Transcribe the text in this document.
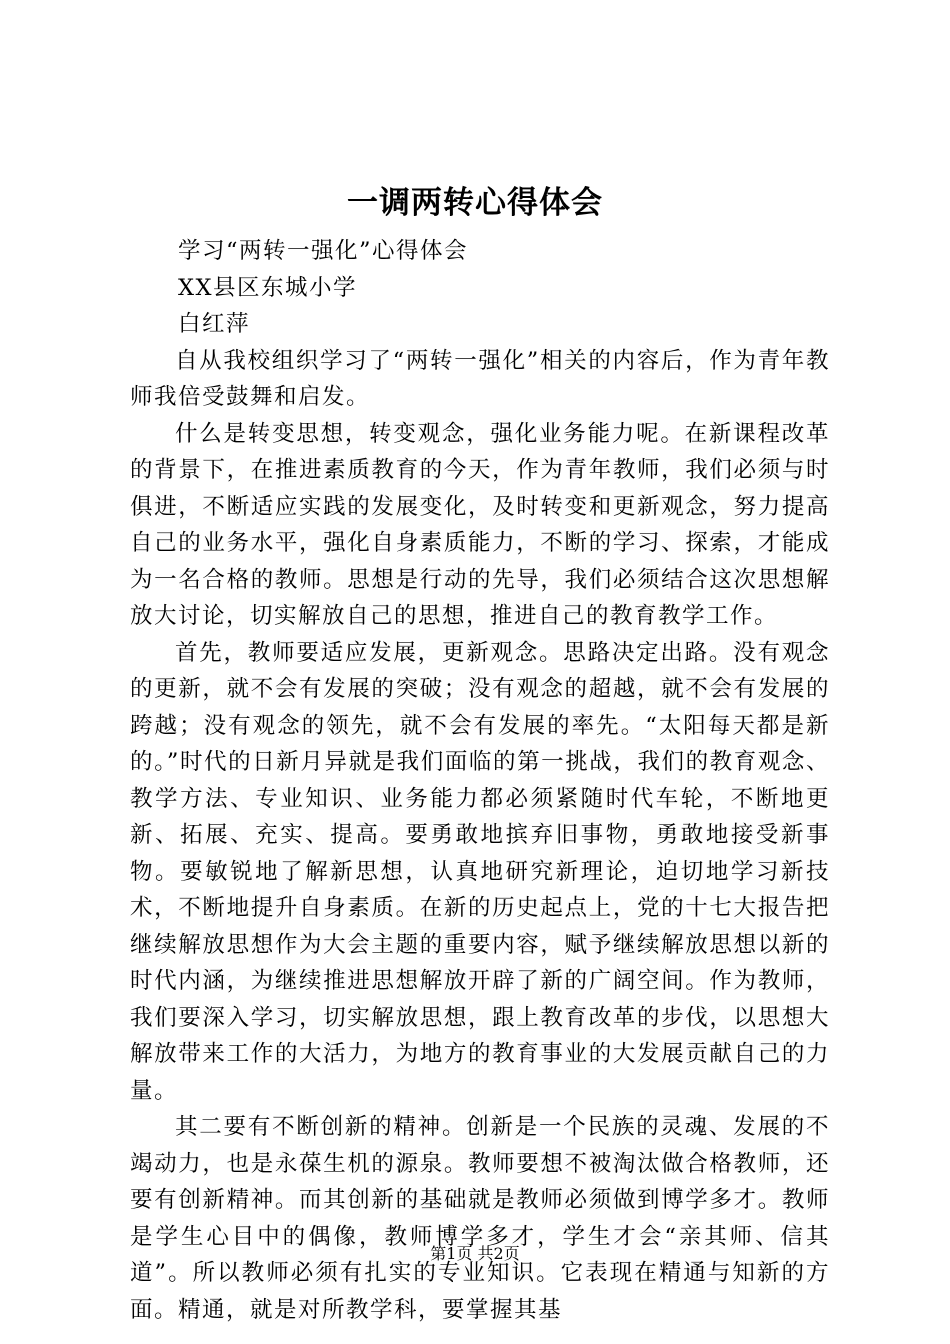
一调两转心得体会

学习“两转一强化”心得体会

XX县区东城小学

白红萍

自从我校组织学习了“两转一强化”相关的内容后，作为青年教师我倍受鼓舞和启发。

什么是转变思想，转变观念，强化业务能力呢。在新课程改革的背景下，在推进素质教育的今天，作为青年教师，我们必须与时俱进，不断适应实践的发展变化，及时转变和更新观念，努力提高自己的业务水平，强化自身素质能力，不断的学习、探索，才能成为一名合格的教师。思想是行动的先导，我们必须结合这次思想解放大讨论，切实解放自己的思想，推进自己的教育教学工作。

首先，教师要适应发展，更新观念。思路决定出路。没有观念的更新，就不会有发展的突破；没有观念的超越，就不会有发展的跨越；没有观念的领先，就不会有发展的率先。“太阳每天都是新的。”时代的日新月异就是我们面临的第一挑战，我们的教育观念、教学方法、专业知识、业务能力都必须紧随时代车轮，不断地更新、拓展、充实、提高。要勇敢地摈弃旧事物，勇敢地接受新事物。要敏锐地了解新思想，认真地研究新理论，迫切地学习新技术，不断地提升自身素质。在新的历史起点上，党的十七大报告把继续解放思想作为大会主题的重要内容，赋予继续解放思想以新的时代内涵，为继续推进思想解放开辟了新的广阔空间。作为教师，我们要深入学习，切实解放思想，跟上教育改革的步伐，以思想大解放带来工作的大活力，为地方的教育事业的大发展贡献自己的力量。

其二要有不断创新的精神。创新是一个民族的灵魂、发展的不竭动力，也是永葆生机的源泉。教师要想不被淘汰做合格教师，还要有创新精神。而其创新的基础就是教师必须做到博学多才。教师是学生心目中的偶像，教师博学多才，学生才会“亲其师、信其道”。所以教师必须有扎实的专业知识。它表现在精通与知新的方面。精通，就是对所教学科，要掌握其基

第1页 共2页
